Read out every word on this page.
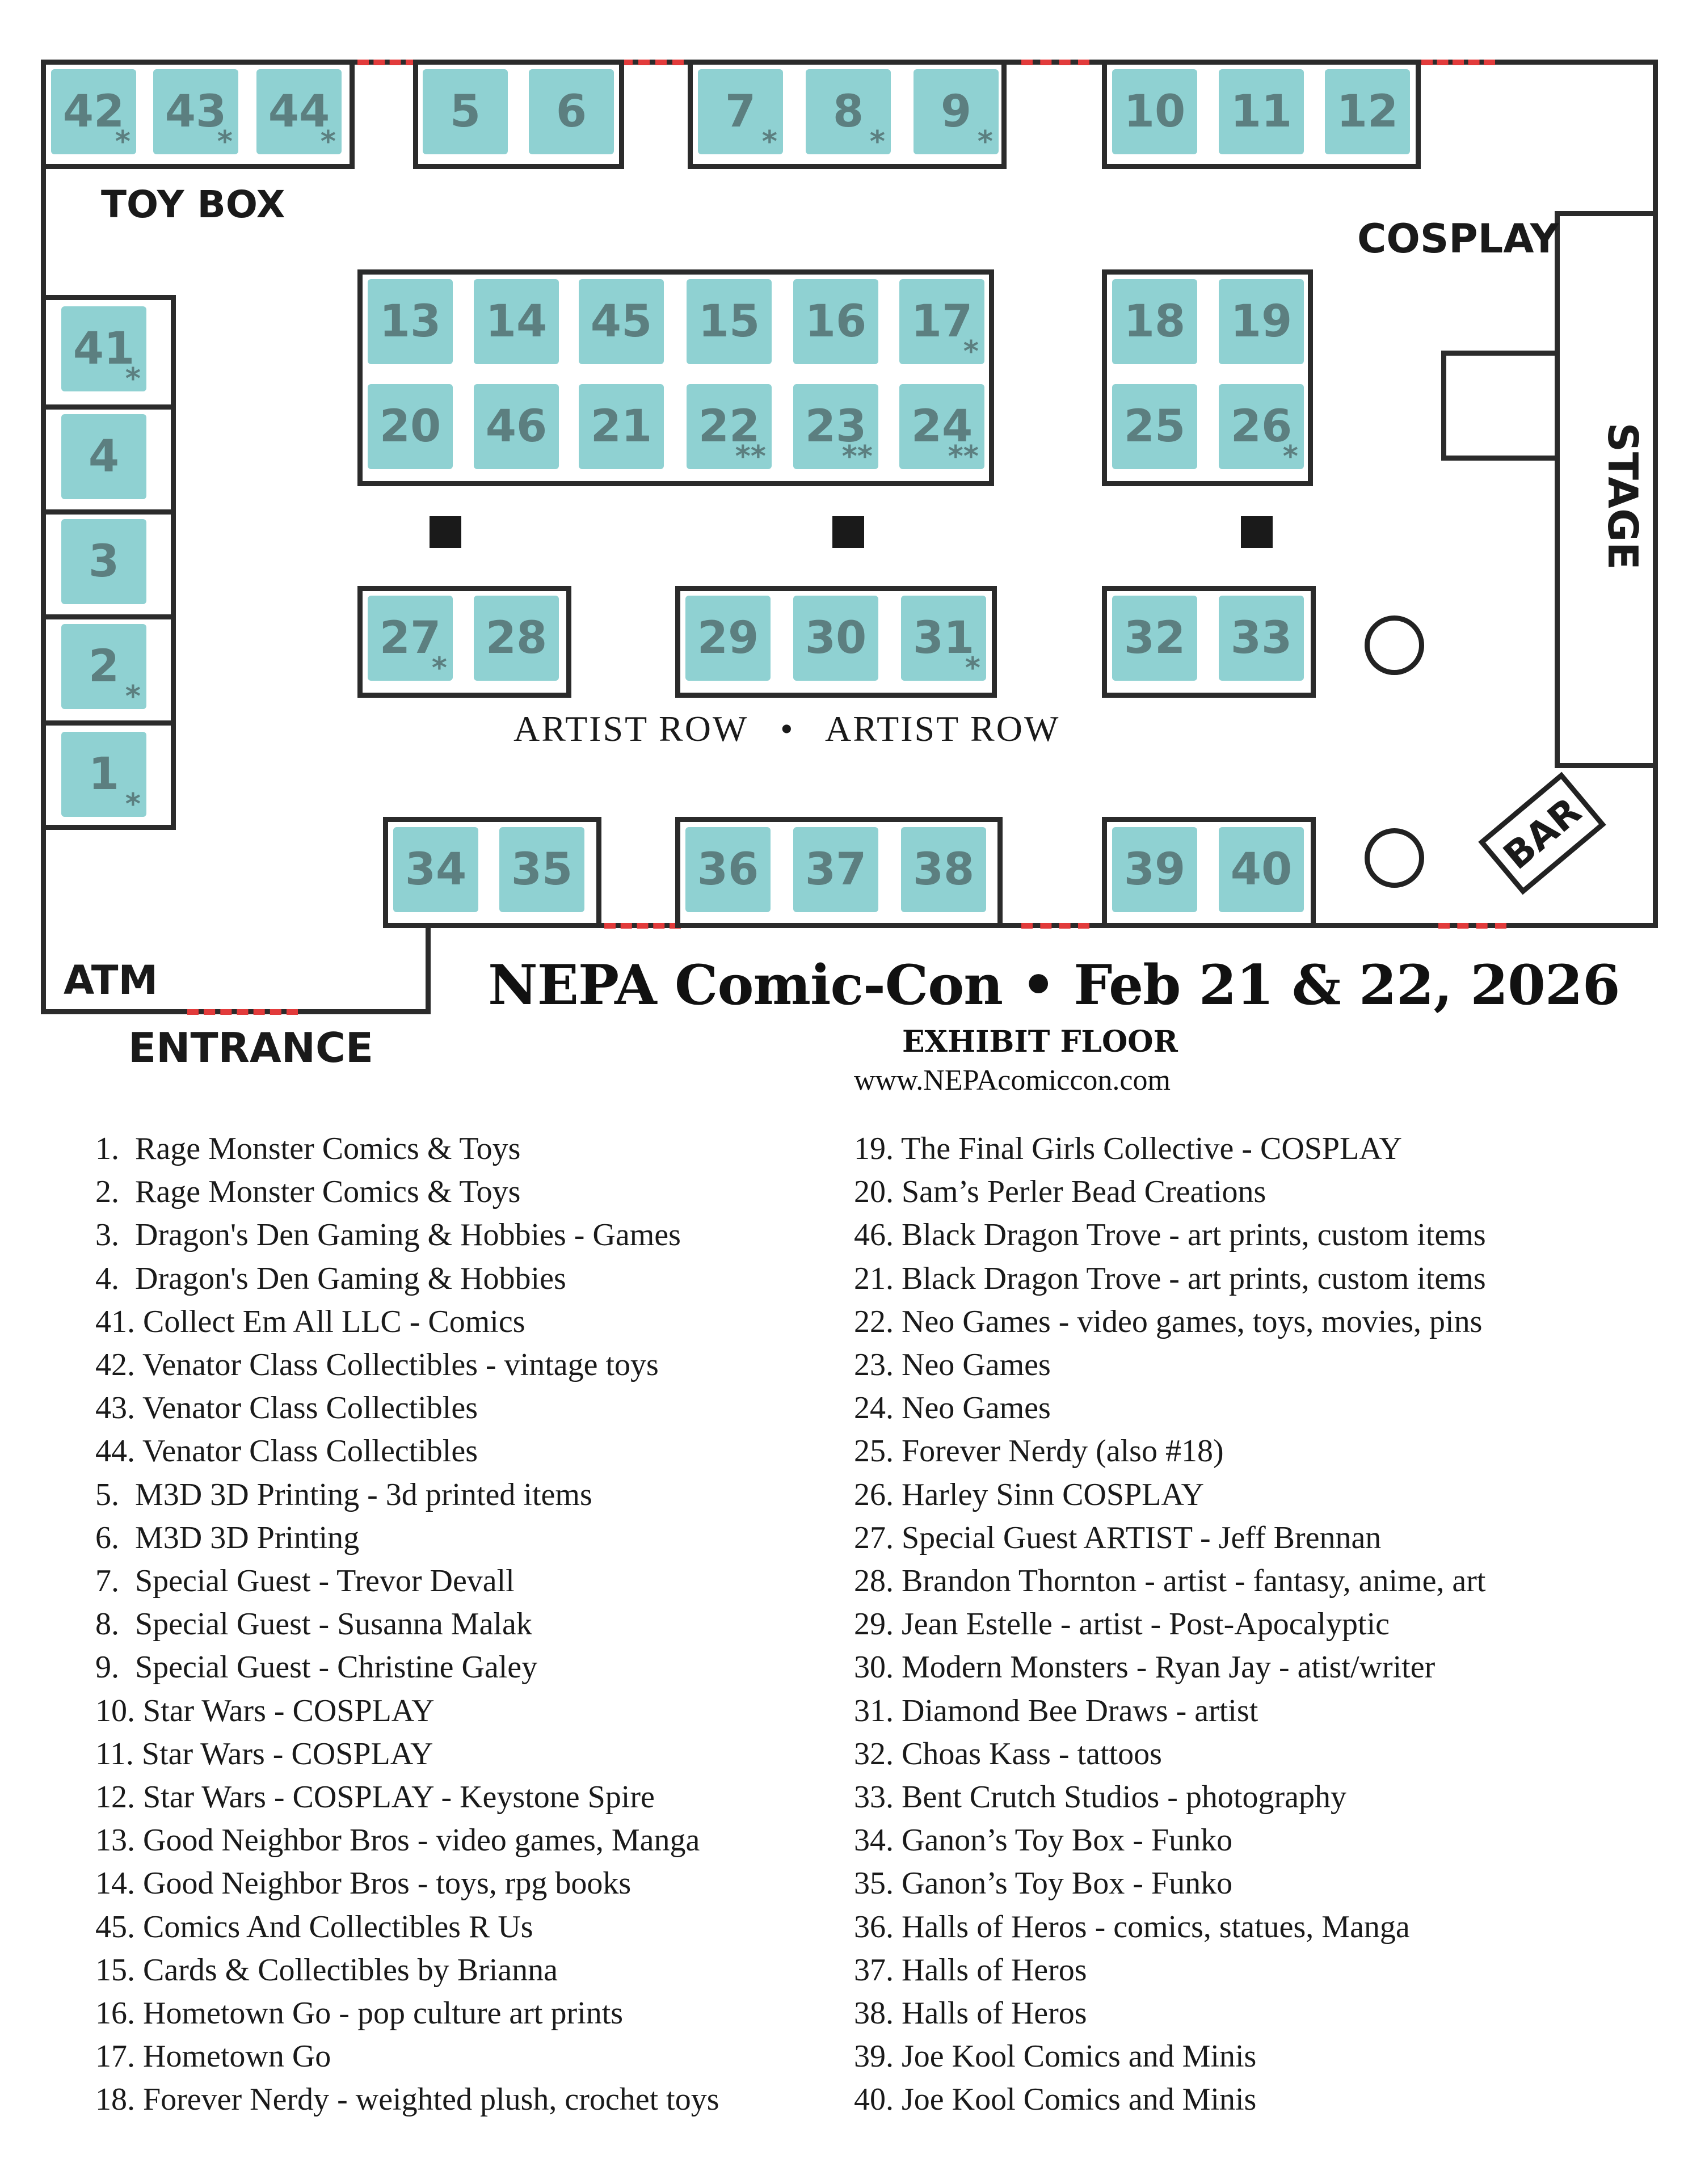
42
*
43
*
44
*
5 6	7
*
8
*
9
*
10 11 12
41
*
4
3
2
*
1
*
13 14 45 15 16 17
*
20 46 21 22
**
23
**
24
**
18 19
25 26
*
27
*
28	29 30 31
*
32 33
34 35	36 37 38	39 40
STAGE
BAR
TOY BOX
COSPLAY
ATM
ENTRANCE
ARTIST ROW   •   ARTIST ROW
NEPA Comic-Con • Feb 21 & 22, 2026
EXHIBIT FLOOR
www.NEPAcomiccon.com
1.  Rage Monster Comics & Toys
2.  Rage Monster Comics & Toys
3.  Dragon's Den Gaming & Hobbies - Games
4.  Dragon's Den Gaming & Hobbies
41. Collect Em All LLC - Comics
42. Venator Class Collectibles - vintage toys
43. Venator Class Collectibles
44. Venator Class Collectibles
5.  M3D 3D Printing - 3d printed items
6.  M3D 3D Printing
7.  Special Guest - Trevor Devall
8.  Special Guest - Susanna Malak
9.  Special Guest - Christine Galey
10. Star Wars - COSPLAY
11. Star Wars - COSPLAY
12. Star Wars - COSPLAY - Keystone Spire
13. Good Neighbor Bros - video games, Manga
14. Good Neighbor Bros - toys, rpg books
45. Comics And Collectibles R Us
15. Cards & Collectibles by Brianna
16. Hometown Go - pop culture art prints
17. Hometown Go
18. Forever Nerdy - weighted plush, crochet toys
19. The Final Girls Collective - COSPLAY
20. Sam’s Perler Bead Creations
46. Black Dragon Trove - art prints, custom items
21. Black Dragon Trove - art prints, custom items
22. Neo Games - video games, toys, movies, pins
23. Neo Games
24. Neo Games
25. Forever Nerdy (also #18)
26. Harley Sinn COSPLAY
27. Special Guest ARTIST - Jeff Brennan
28. Brandon Thornton - artist - fantasy, anime, art
29. Jean Estelle - artist - Post-Apocalyptic
30. Modern Monsters - Ryan Jay - atist/writer
31. Diamond Bee Draws - artist
32. Choas Kass - tattoos
33. Bent Crutch Studios - photography
34. Ganon’s Toy Box - Funko
35. Ganon’s Toy Box - Funko
36. Halls of Heros - comics, statues, Manga
37. Halls of Heros
38. Halls of Heros
39. Joe Kool Comics and Minis
40. Joe Kool Comics and Minis
